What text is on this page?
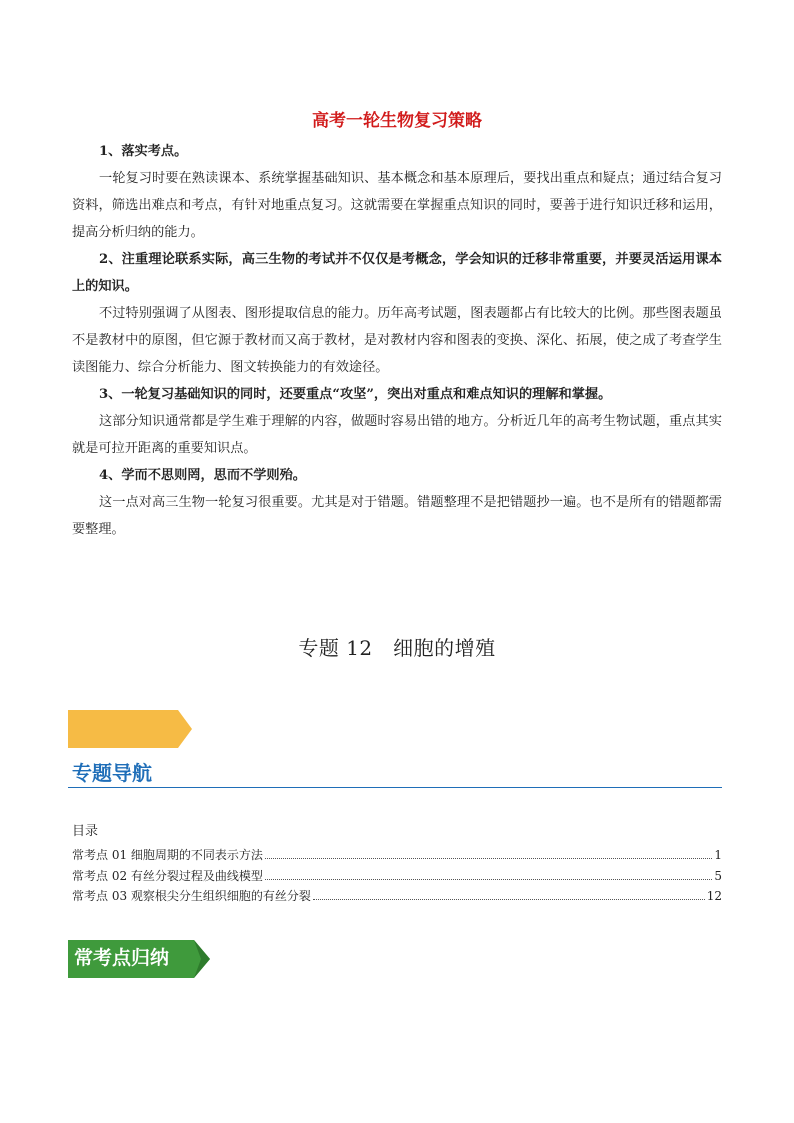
高考一轮生物复习策略

1、落实考点。

一轮复习时要在熟读课本、系统掌握基础知识、基本概念和基本原理后，要找出重点和疑点；通过结合复习资料，筛选出难点和考点，有针对地重点复习。这就需要在掌握重点知识的同时，要善于进行知识迁移和运用，提高分析归纳的能力。

2、注重理论联系实际，高三生物的考试并不仅仅是考概念，学会知识的迁移非常重要，并要灵活运用课本上的知识。

不过特别强调了从图表、图形提取信息的能力。历年高考试题，图表题都占有比较大的比例。那些图表题虽不是教材中的原图，但它源于教材而又高于教材，是对教材内容和图表的变换、深化、拓展，使之成了考查学生读图能力、综合分析能力、图文转换能力的有效途径。

3、一轮复习基础知识的同时，还要重点“攻坚”，突出对重点和难点知识的理解和掌握。

这部分知识通常都是学生难于理解的内容，做题时容易出错的地方。分析近几年的高考生物试题，重点其实就是可拉开距离的重要知识点。

4、学而不思则罔，思而不学则殆。

这一点对高三生物一轮复习很重要。尤其是对于错题。错题整理不是把错题抄一遍。也不是所有的错题都需要整理。

专题 12　细胞的增殖
专题导航
目录
常考点 01 细胞周期的不同表示方法	1
常考点 02 有丝分裂过程及曲线模型	5
常考点 03 观察根尖分生组织细胞的有丝分裂	12
常考点归纳
